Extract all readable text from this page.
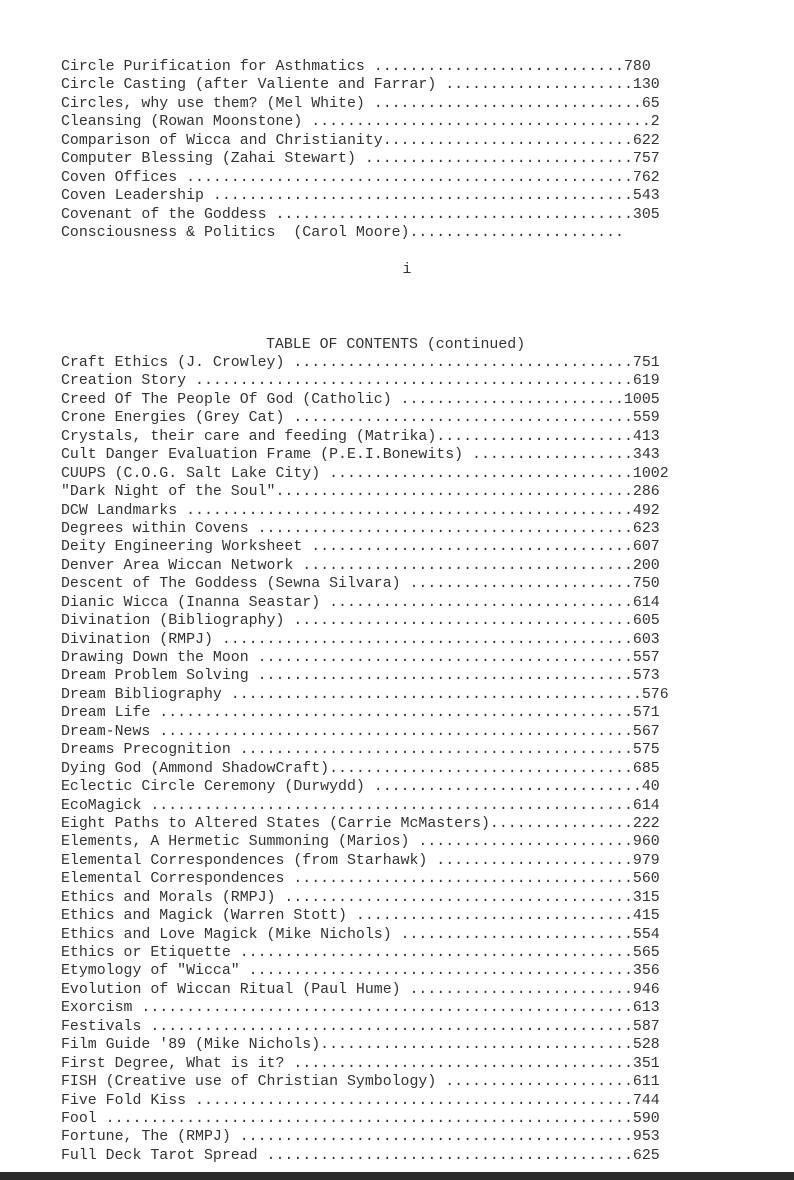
Circle Purification for Asthmatics ............................780
Circle Casting (after Valiente and Farrar) .....................130
Circles, why use them? (Mel White) ..............................65
Cleansing (Rowan Moonstone) ......................................2
Comparison of Wicca and Christianity............................622
Computer Blessing (Zahai Stewart) ..............................757
Coven Offices ..................................................762
Coven Leadership ...............................................543
Covenant of the Goddess ........................................305
Consciousness & Politics  (Carol Moore)........................
i
TABLE OF CONTENTS (continued)
Craft Ethics (J. Crowley) ......................................751
Creation Story .................................................619
Creed Of The People Of God (Catholic) .........................1005
Crone Energies (Grey Cat) ......................................559
Crystals, their care and feeding (Matrika)......................413
Cult Danger Evaluation Frame (P.E.I.Bonewits) ..................343
CUUPS (C.O.G. Salt Lake City) ..................................1002
"Dark Night of the Soul"........................................286
DCW Landmarks ..................................................492
Degrees within Covens ..........................................623
Deity Engineering Worksheet ....................................607
Denver Area Wiccan Network .....................................200
Descent of The Goddess (Sewna Silvara) .........................750
Dianic Wicca (Inanna Seastar) ..................................614
Divination (Bibliography) ......................................605
Divination (RMPJ) ..............................................603
Drawing Down the Moon ..........................................557
Dream Problem Solving ..........................................573
Dream Bibliography ..............................................576
Dream Life .....................................................571
Dream-News .....................................................567
Dreams Precognition ............................................575
Dying God (Ammond ShadowCraft)..................................685
Eclectic Circle Ceremony (Durwydd) ..............................40
EcoMagick ......................................................614
Eight Paths to Altered States (Carrie McMasters)................222
Elements, A Hermetic Summoning (Marios) ........................960
Elemental Correspondences (from Starhawk) ......................979
Elemental Correspondences ......................................560
Ethics and Morals (RMPJ) .......................................315
Ethics and Magick (Warren Stott) ...............................415
Ethics and Love Magick (Mike Nichols) ..........................554
Ethics or Etiquette ............................................565
Etymology of "Wicca" ...........................................356
Evolution of Wiccan Ritual (Paul Hume) .........................946
Exorcism .......................................................613
Festivals ......................................................587
Film Guide '89 (Mike Nichols)...................................528
First Degree, What is it? ......................................351
FISH (Creative use of Christian Symbology) .....................611
Five Fold Kiss .................................................744
Fool ...........................................................590
Fortune, The (RMPJ) ............................................953
Full Deck Tarot Spread .........................................625
